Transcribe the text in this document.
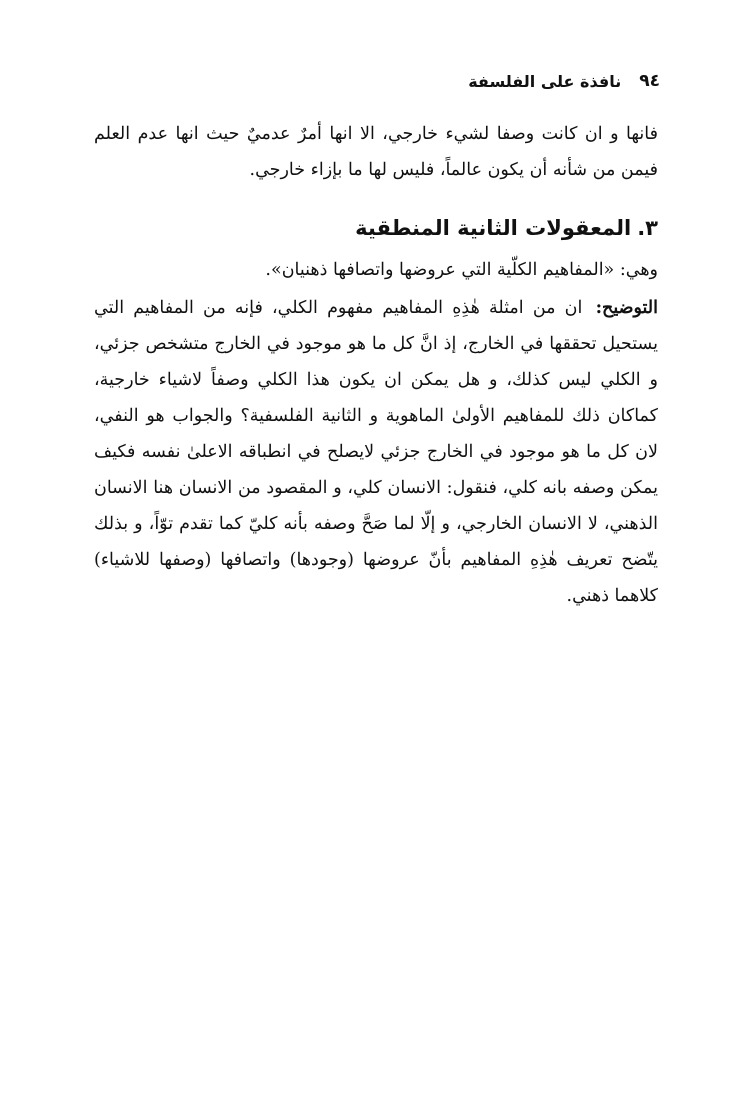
٩٤
نافذة على الفلسفة

فانها و ان كانت وصفا لشيء خارجي، الا انها أمرٌ عدميٌ حيث انها عدم العلم فيمن من شأنه أن يكون عالماً، فليس لها ما بإزاء خارجي.

٣.المعقولات الثانية المنطقية

وهي: «المفاهيم الكلّية التي عروضها واتصافها ذهنيان».

التوضيح: ان من امثلة هٰذِهِ المفاهيم مفهوم الكلي، فإنه من المفاهيم التي يستحيل تحققها في الخارج، إذ انَّ كل ما هو موجود في الخارج متشخص جزئي، و الكلي ليس كذلك، و هل يمكن ان يكون هذا الكلي وصفاً لاشياء خارجية، كماكان ذلك للمفاهيم الأولىٰ الماهوية و الثانية الفلسفية؟ والجواب هو النفي، لان كل ما هو موجود في الخارج جزئي لايصلح في انطباقه الاعلىٰ نفسه فكيف يمكن وصفه بانه كلي، فنقول: الانسان كلي، و المقصود من الانسان هنا الانسان الذهني، لا الانسان الخارجي، و إلّا لما صَحَّ وصفه بأنه كليّ كما تقدم توّاً، و بذلك يتّضح تعريف هٰذِهِ المفاهيم بأنّ عروضها (وجودها) واتصافها (وصفها للاشياء) كلاهما ذهني.
